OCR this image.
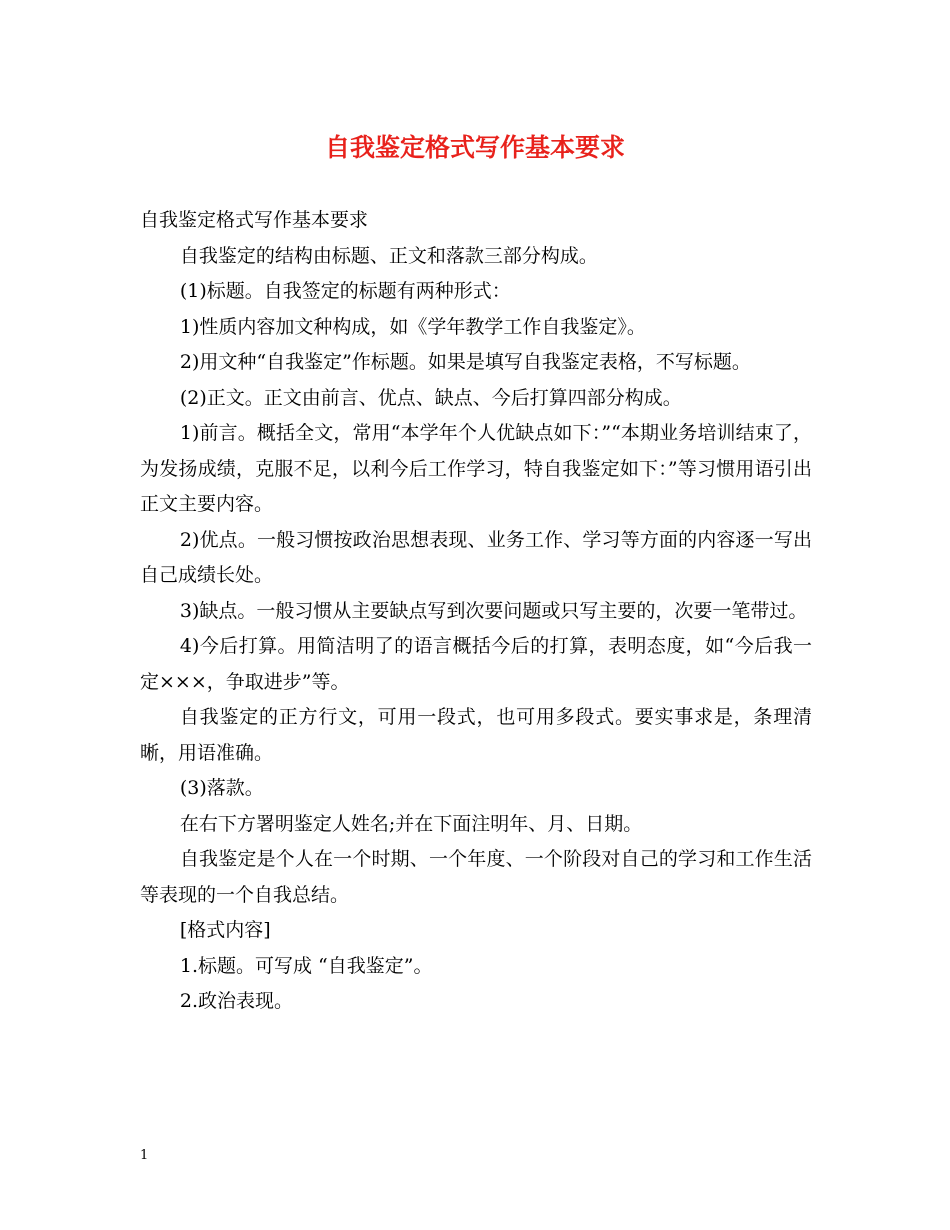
自我鉴定格式写作基本要求

自我鉴定格式写作基本要求

自我鉴定的结构由标题、正文和落款三部分构成。

(1)标题。自我签定的标题有两种形式：

1)性质内容加文种构成，如《学年教学工作自我鉴定》。

2)用文种“自我鉴定”作标题。如果是填写自我鉴定表格，不写标题。

(2)正文。正文由前言、优点、缺点、今后打算四部分构成。

1)前言。概括全文，常用“本学年个人优缺点如下：”“本期业务培训结束了，为发扬成绩，克服不足，以利今后工作学习，特自我鉴定如下：”等习惯用语引出正文主要内容。

2)优点。一般习惯按政治思想表现、业务工作、学习等方面的内容逐一写出自己成绩长处。

3)缺点。一般习惯从主要缺点写到次要问题或只写主要的，次要一笔带过。

4)今后打算。用简洁明了的语言概括今后的打算，表明态度，如“今后我一定×××，争取进步”等。

自我鉴定的正方行文，可用一段式，也可用多段式。要实事求是，条理清晰，用语准确。

(3)落款。

在右下方署明鉴定人姓名;并在下面注明年、月、日期。

自我鉴定是个人在一个时期、一个年度、一个阶段对自己的学习和工作生活等表现的一个自我总结。

[格式内容]

1.标题。可写成 “自我鉴定”。

2.政治表现。

1
